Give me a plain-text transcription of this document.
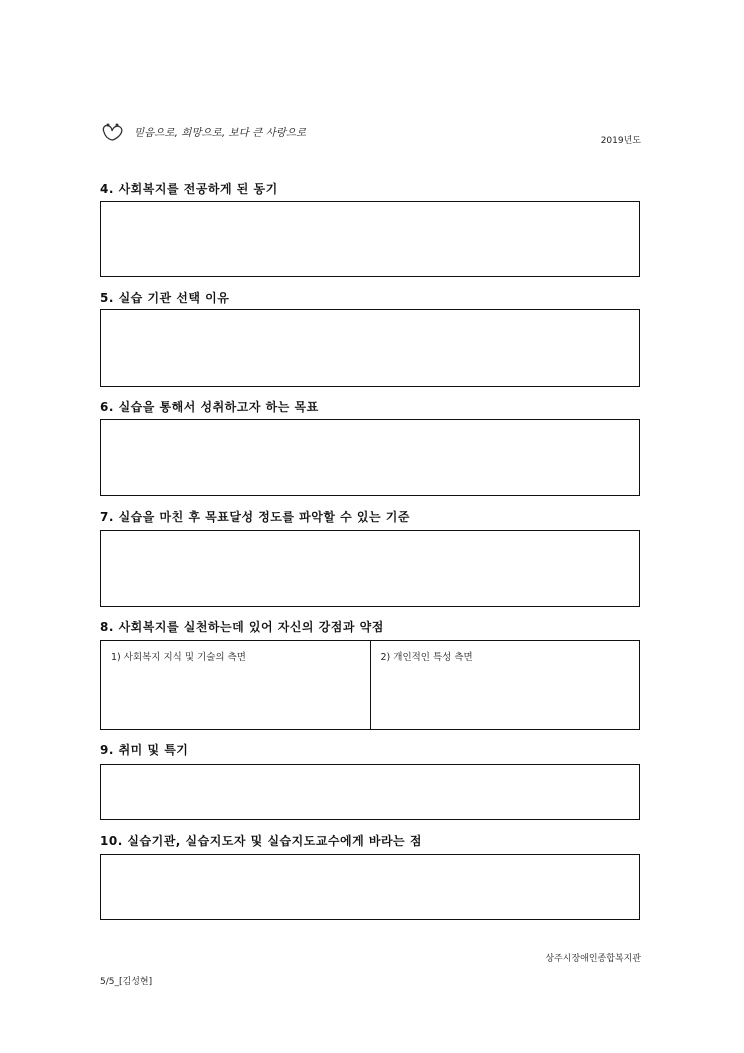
믿음으로, 희망으로, 보다 큰 사랑으로
2019년도
4. 사회복지를 전공하게 된 동기
5. 실습 기관 선택 이유
6. 실습을 통해서 성취하고자 하는 목표
7. 실습을 마친 후 목표달성 정도를 파악할 수 있는 기준
8. 사회복지를 실천하는데 있어 자신의 강점과 약점
1) 사회복지 지식 및 기술의 측면	2) 개인적인 특성 측면
9. 취미 및 특기
10. 실습기관, 실습지도자 및 실습지도교수에게 바라는 점
상주시장애인종합복지관
5/5_[김성현]
